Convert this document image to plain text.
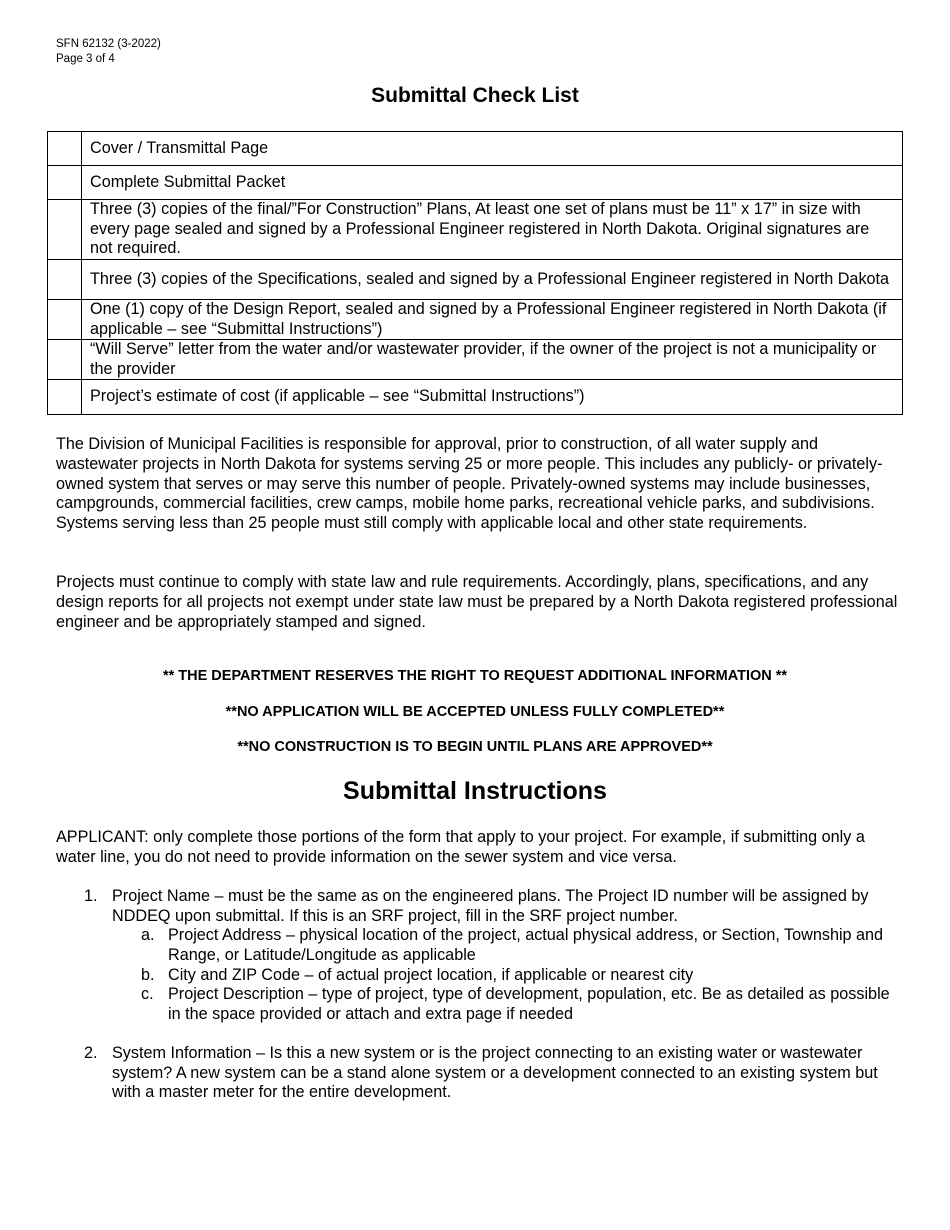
SFN 62132 (3-2022)
Page 3 of 4
Submittal Check List
	Cover / Transmittal Page
	Complete Submittal Packet
	Three (3) copies of the final/”For Construction” Plans, At least one set of plans must be 11” x 17” in size with every page sealed and signed by a Professional Engineer registered in North Dakota. Original signatures are not required.
	Three (3) copies of the Specifications, sealed and signed by a Professional Engineer registered in North Dakota
	One (1) copy of the Design Report, sealed and signed by a Professional Engineer registered in North Dakota (if applicable – see “Submittal Instructions”)
	“Will Serve” letter from the water and/or wastewater provider, if the owner of the project is not a municipality or the provider
	Project’s estimate of cost (if applicable – see “Submittal Instructions”)

The Division of Municipal Facilities is responsible for approval, prior to construction, of all water supply and wastewater projects in North Dakota for systems serving 25 or more people. This includes any publicly- or privately-owned system that serves or may serve this number of people. Privately-owned systems may include businesses, campgrounds, commercial facilities, crew camps, mobile home parks, recreational vehicle parks, and subdivisions. Systems serving less than 25 people must still comply with applicable local and other state requirements.

Projects must continue to comply with state law and rule requirements. Accordingly, plans, specifications, and any design reports for all projects not exempt under state law must be prepared by a North Dakota registered professional engineer and be appropriately stamped and signed.

** THE DEPARTMENT RESERVES THE RIGHT TO REQUEST ADDITIONAL INFORMATION **
**NO APPLICATION WILL BE ACCEPTED UNLESS FULLY COMPLETED**
**NO CONSTRUCTION IS TO BEGIN UNTIL PLANS ARE APPROVED**
Submittal Instructions

APPLICANT: only complete those portions of the form that apply to your project. For example, if submitting only a water line, you do not need to provide information on the sewer system and vice versa.

1. Project Name – must be the same as on the engineered plans. The Project ID number will be assigned by NDDEQ upon submittal. If this is an SRF project, fill in the SRF project number.
a. Project Address – physical location of the project, actual physical address, or Section, Township and Range, or Latitude/Longitude as applicable
b. City and ZIP Code – of actual project location, if applicable or nearest city
c. Project Description – type of project, type of development, population, etc. Be as detailed as possible in the space provided or attach and extra page if needed
2. System Information – Is this a new system or is the project connecting to an existing water or wastewater system? A new system can be a stand alone system or a development connected to an existing system but with a master meter for the entire development.
